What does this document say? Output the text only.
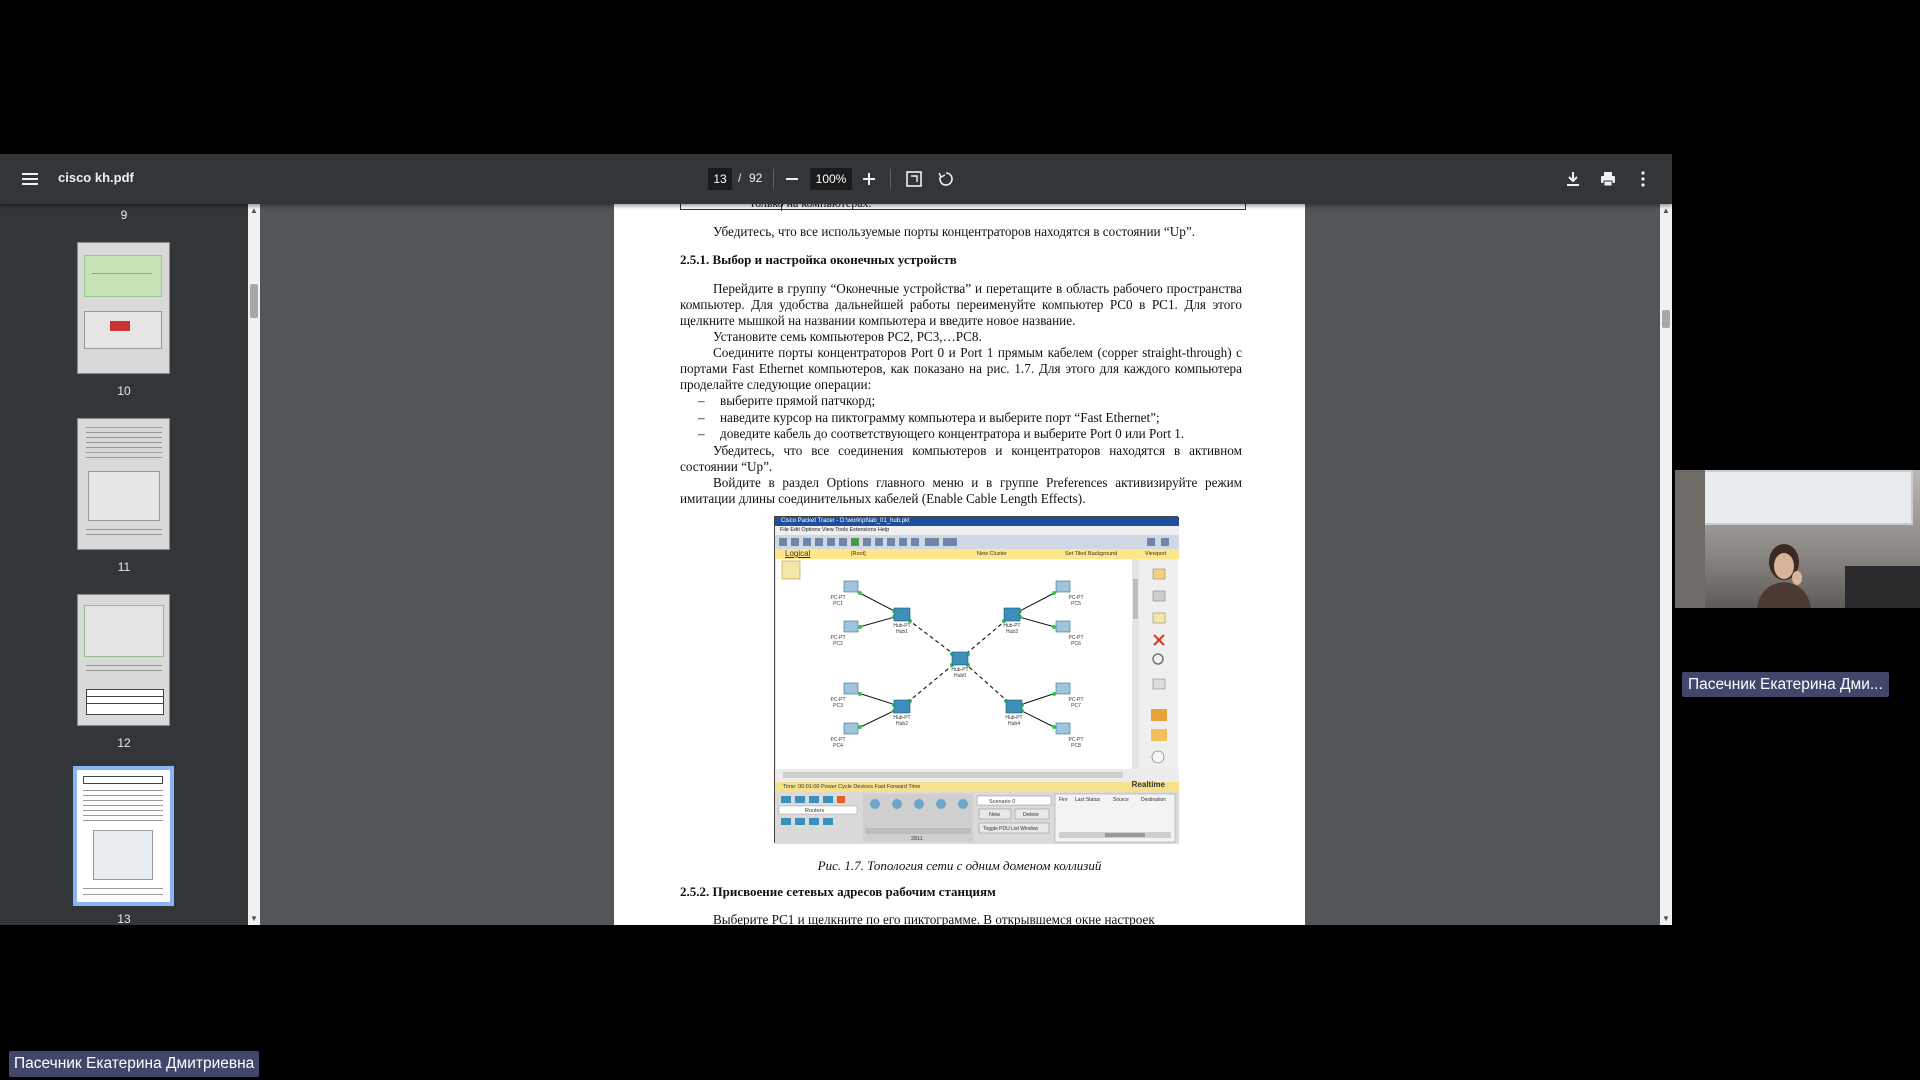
cisco kh.pdf	13 / 92	100%
9
10
11
12
13
▲
▼
Убедитесь, что все используемые порты концентраторов находятся в состоянии “Up”.
2.5.1. Выбор и настройка оконечных устройств
Перейдите в группу “Оконечные устройства” и перетащите в область рабочего пространства компьютер. Для удобства дальнейшей работы переименуйте компьютер PC0 в PC1. Для этого щелкните мышкой на названии компьютера и введите новое название.
Установите семь компьютеров PC2, PC3,…PC8.
Соедините порты концентраторов Port 0 и Port 1 прямым кабелем (copper straight-through) с портами Fast Ethernet компьютеров, как показано на рис. 1.7. Для этого для каждого компьютера проделайте следующие операции:
– выберите прямой патчкорд;
– наведите курсор на пиктограмму компьютера и выберите порт “Fast Ethernet”;
– доведите кабель до соответствующего концентратора и выберите Port 0 или Port 1.
Убедитесь, что все соединения компьютеров и концентраторов находятся в активном состоянии “Up”.
Войдите в раздел Options главного меню и в группе Preferences активизируйте режим имитации длины соединительных кабелей (Enable Cable Length Effects).
Cisco Packet Tracer - D:\work\pt\lab_01_hub.pkt
File Edit Options View Tools Extensions Help
Logical	[Root]	New Cluster	Set Tiled Background	Viewport
Hub-PT
Hub1
Hub-PT
Hub3
Hub-PT
Hub0
Hub-PT
Hub2
Hub-PT
Hub4
PC-PT
PC1
PC-PT
PC2
PC-PT
PC5
PC-PT
PC6
PC-PT
PC3
PC-PT
PC4
PC-PT
PC7
PC-PT
PC8
Time: 00:01:00 Power Cycle Devices Fast Forward Time	Realtime
Routers
2811
Scenario 0
New	Delete
Toggle PDU List Window
Fire Last Status	Source Destination
Рис. 1.7. Топология сети с одним доменом коллизий
2.5.2. Присвоение сетевых адресов рабочим станциям
Выберите PC1 и щелкните по его пиктограмме. В открывшемся окне настроек
▲
▼
Пасечник Екатерина Дми...
Пасечник Екатерина Дмитриевна
